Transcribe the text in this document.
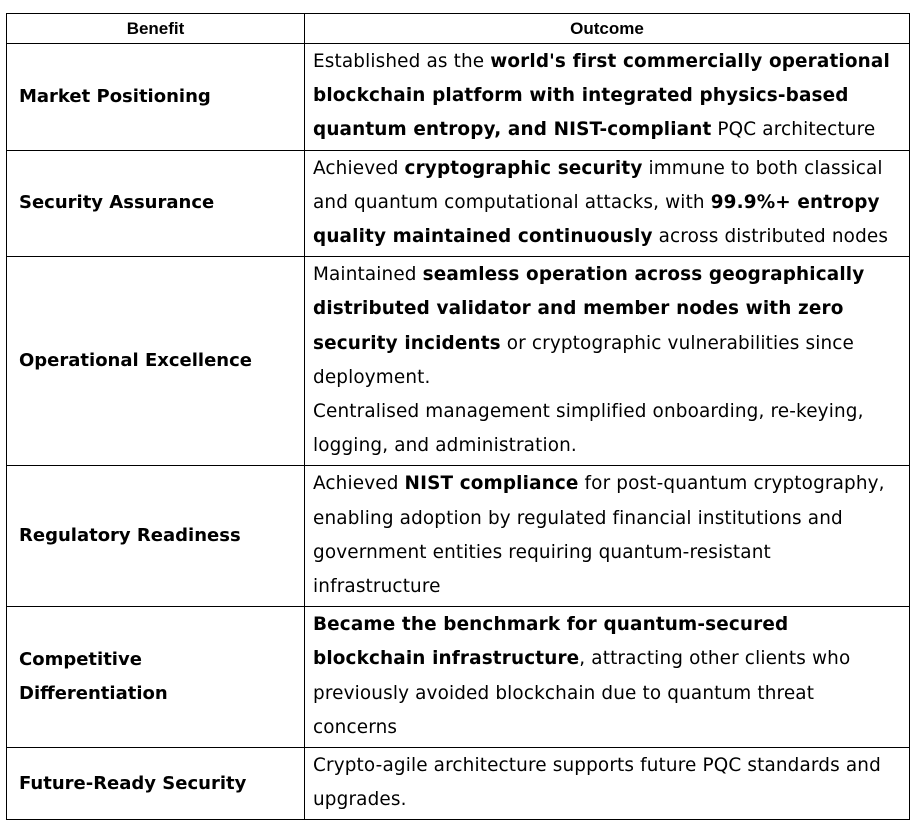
Benefit	Outcome
Market Positioning	Established as the world's first commercially operational blockchain platform with integrated physics-based quantum entropy, and NIST-compliant PQC architecture

Security Assurance	Achieved cryptographic security immune to both classical and quantum computational attacks, with 99.9%+ entropy quality maintained continuously across distributed nodes

Operational Excellence	Maintained seamless operation across geographically distributed validator and member nodes with zero security incidents or cryptographic vulnerabilities since deployment.
Centralised management simplified onboarding, re-keying, logging, and administration.

Regulatory Readiness	Achieved NIST compliance for post-quantum cryptography, enabling adoption by regulated financial institutions and government entities requiring quantum-resistant infrastructure

Competitive Differentiation	Became the benchmark for quantum-secured blockchain infrastructure, attracting other clients who previously avoided blockchain due to quantum threat concerns

Future-Ready Security	Crypto-agile architecture supports future PQC standards and upgrades.
